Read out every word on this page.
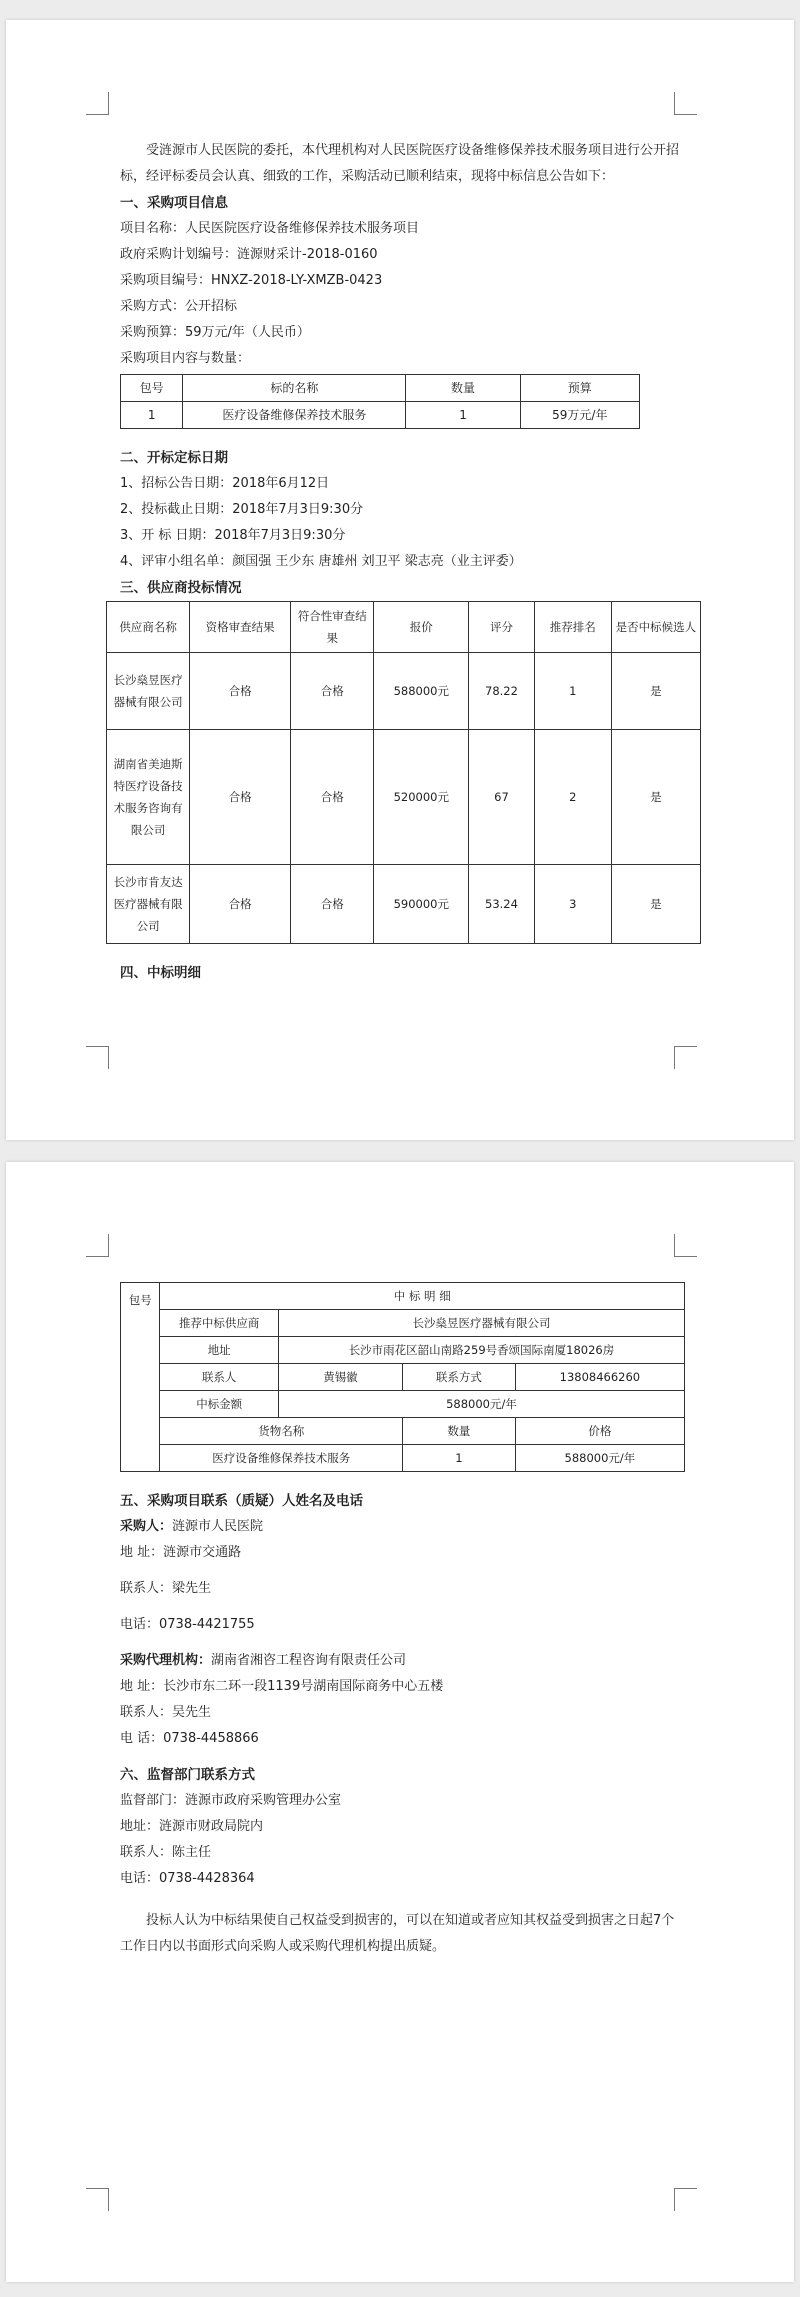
受涟源市人民医院的委托，本代理机构对人民医院医疗设备维修保养技术服务项目进行公开招标，经评标委员会认真、细致的工作，采购活动已顺利结束，现将中标信息公告如下：

一、采购项目信息

项目名称：人民医院医疗设备维修保养技术服务项目

政府采购计划编号：涟源财采计-2018-0160

采购项目编号：HNXZ-2018-LY-XMZB-0423

采购方式：公开招标

采购预算：59万元/年（人民币）

采购项目内容与数量：

包号	标的名称	数量	预算
1	医疗设备维修保养技术服务	1	59万元/年

二、开标定标日期

1、招标公告日期：2018年6月12日

2、投标截止日期：2018年7月3日9:30分

3、开 标 日期：2018年7月3日9:30分

4、评审小组名单：颜国强 王少东 唐雄州 刘卫平 梁志亮（业主评委）

三、供应商投标情况

供应商名称	资格审查结果	符合性审查结果	报价	评分	推荐排名	是否中标候选人
长沙燊昱医疗器械有限公司	合格	合格	588000元	78.22	1	是
湖南省美迪斯特医疗设备技术服务咨询有限公司	合格	合格	520000元	67	2	是
长沙市肯友达医疗器械有限公司	合格	合格	590000元	53.24	3	是

四、中标明细

包号	中 标 明 细			
	推荐中标供应商	长沙燊昱医疗器械有限公司		
	地址	长沙市雨花区韶山南路259号香颂国际南厦18026房		
	联系人	黄锡徽	联系方式	13808466260
	中标金额	588000元/年		
	货物名称		数量	价格
	医疗设备维修保养技术服务		1	588000元/年

五、采购项目联系（质疑）人姓名及电话

采购人：涟源市人民医院

地 址：涟源市交通路

联系人：梁先生

电话：0738-4421755

采购代理机构：湖南省湘咨工程咨询有限责任公司

地 址：长沙市东二环一段1139号湖南国际商务中心五楼

联系人：吴先生

电 话：0738-4458866

六、监督部门联系方式

监督部门：涟源市政府采购管理办公室

地址：涟源市财政局院内

联系人：陈主任

电话：0738-4428364

投标人认为中标结果使自己权益受到损害的，可以在知道或者应知其权益受到损害之日起7个工作日内以书面形式向采购人或采购代理机构提出质疑。
